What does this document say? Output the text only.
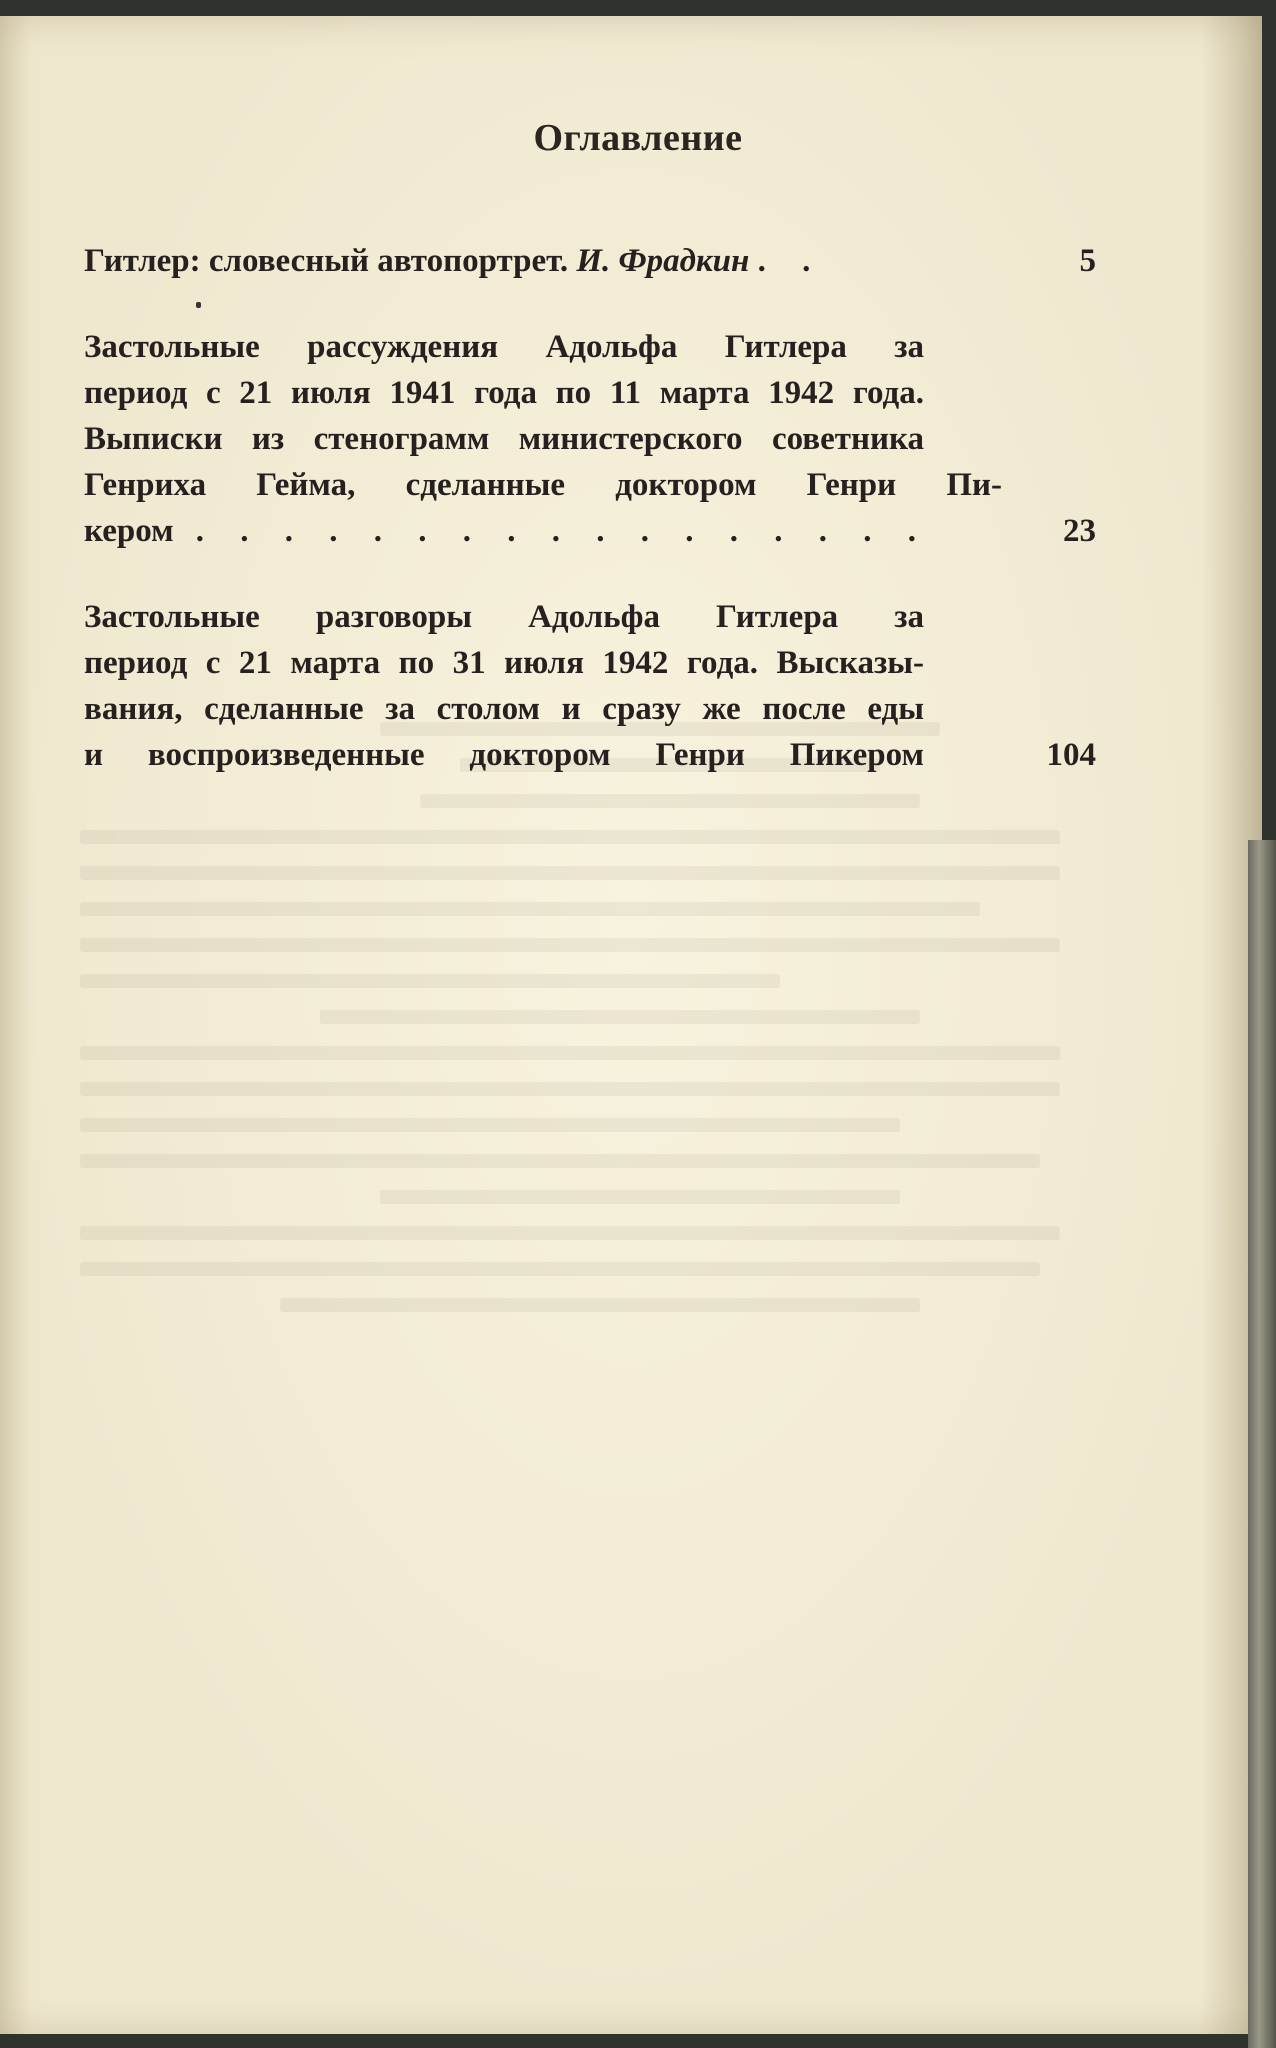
Оглавление
Гитлер: словесный автопортрет. И. Фрадкин . .	5
Застольные рассуждения Адольфа Гитлера за
период с 21 июля 1941 года по 11 марта 1942 года.
Выписки из стенограмм министерского советника
Генриха Гейма, сделанные доктором Генри Пи-
кером . . . . . . . . . . . . . . . . .	23
Застольные разговоры Адольфа Гитлера за
период с 21 марта по 31 июля 1942 года. Высказы-
вания, сделанные за столом и сразу же после еды
и воспроизведенные доктором Генри Пикером	104
